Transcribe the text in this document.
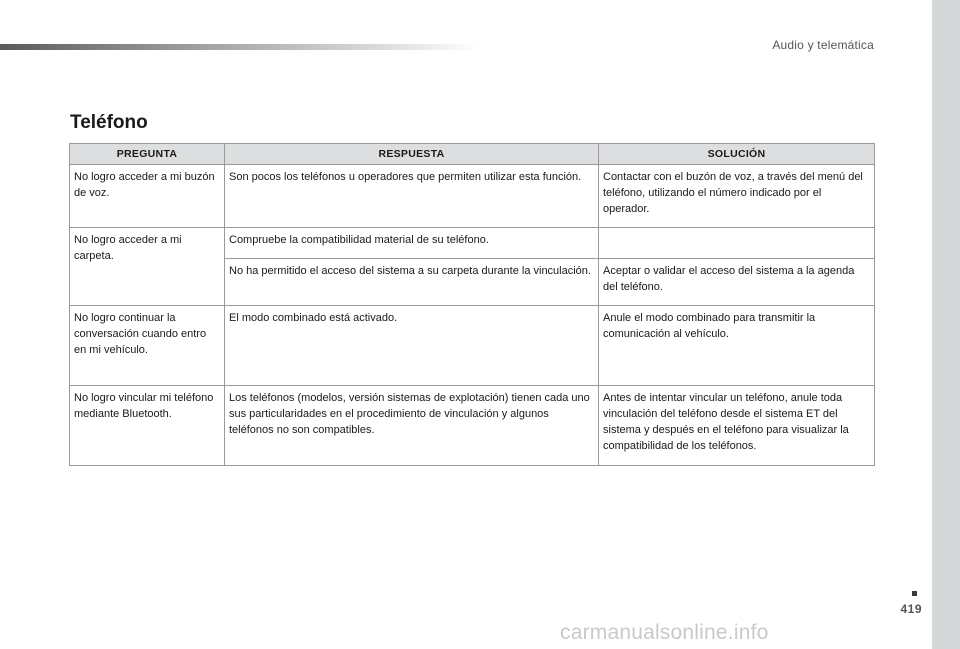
Audio y telemática
419
Teléfono
PREGUNTA	RESPUESTA	SOLUCIÓN
No logro acceder a mi buzón de voz.	Son pocos los teléfonos u operadores que permiten utilizar esta función.	Contactar con el buzón de voz, a través del menú del teléfono, utilizando el número indicado por el operador.
No logro acceder a mi carpeta.	Compruebe la compatibilidad material de su teléfono.	
	No ha permitido el acceso del sistema a su carpeta durante la vinculación.	Aceptar o validar el acceso del sistema a la agenda del teléfono.
No logro continuar la conversación cuando entro en mi vehículo.	El modo combinado está activado.	Anule el modo combinado para transmitir la comunicación al vehículo.
No logro vincular mi teléfono mediante Bluetooth.	Los teléfonos (modelos, versión sistemas de explotación) tienen cada uno sus particularidades en el procedimiento de vinculación y algunos teléfonos no son compatibles.	Antes de intentar vincular un teléfono, anule toda vinculación del teléfono desde el sistema ET del sistema y después en el teléfono para visualizar la compatibilidad de los teléfonos.
carmanualsonline.info
